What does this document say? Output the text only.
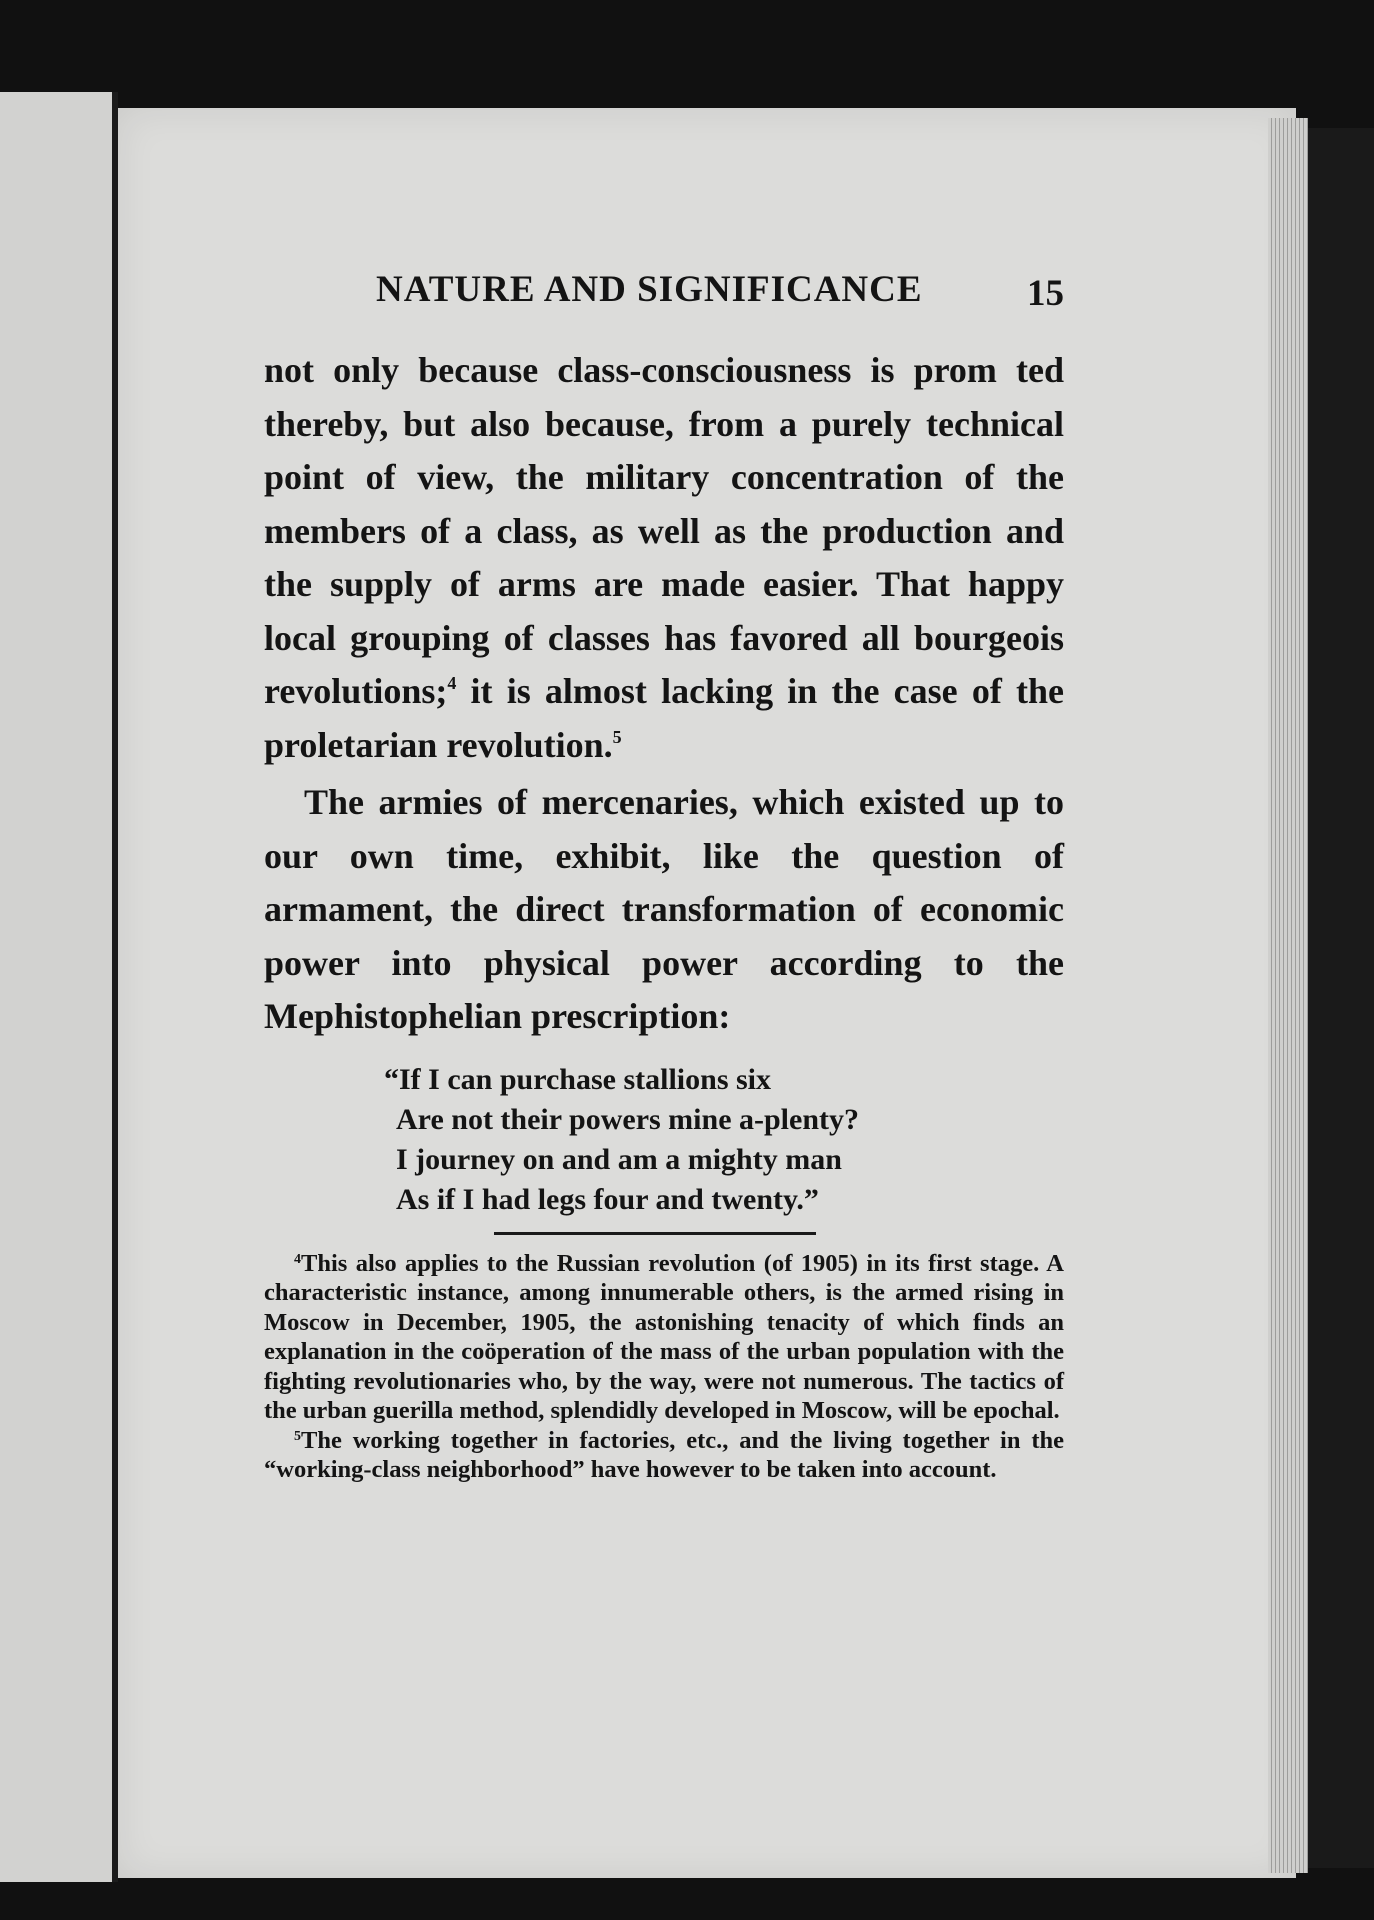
NATURE AND SIGNIFICANCE	15

not only because class-consciousness is prom ted thereby, but also because, from a purely technical point of view, the military concentration of the members of a class, as well as the production and the supply of arms are made easier. That happy local grouping of classes has favored all bourgeois revolutions;$^4$ it is almost lacking in the case of the proletarian revolution.$^5$

The armies of mercenaries, which existed up to our own time, exhibit, like the question of armament, the direct transformation of economic power into physical power according to the Mephistophelian prescription:

“If I can purchase stallions six
Are not their powers mine a-plenty?
I journey on and am a mighty man
As if I had legs four and twenty.”

$^4$This also applies to the Russian revolution (of 1905) in its first stage. A characteristic instance, among innumerable others, is the armed rising in Moscow in December, 1905, the astonishing tenacity of which finds an explanation in the coöperation of the mass of the urban population with the fighting revolutionaries who, by the way, were not numerous. The tactics of the urban guerilla method, splendidly developed in Moscow, will be epochal.

$^5$The working together in factories, etc., and the living together in the “working-class neighborhood” have however to be taken into account.
